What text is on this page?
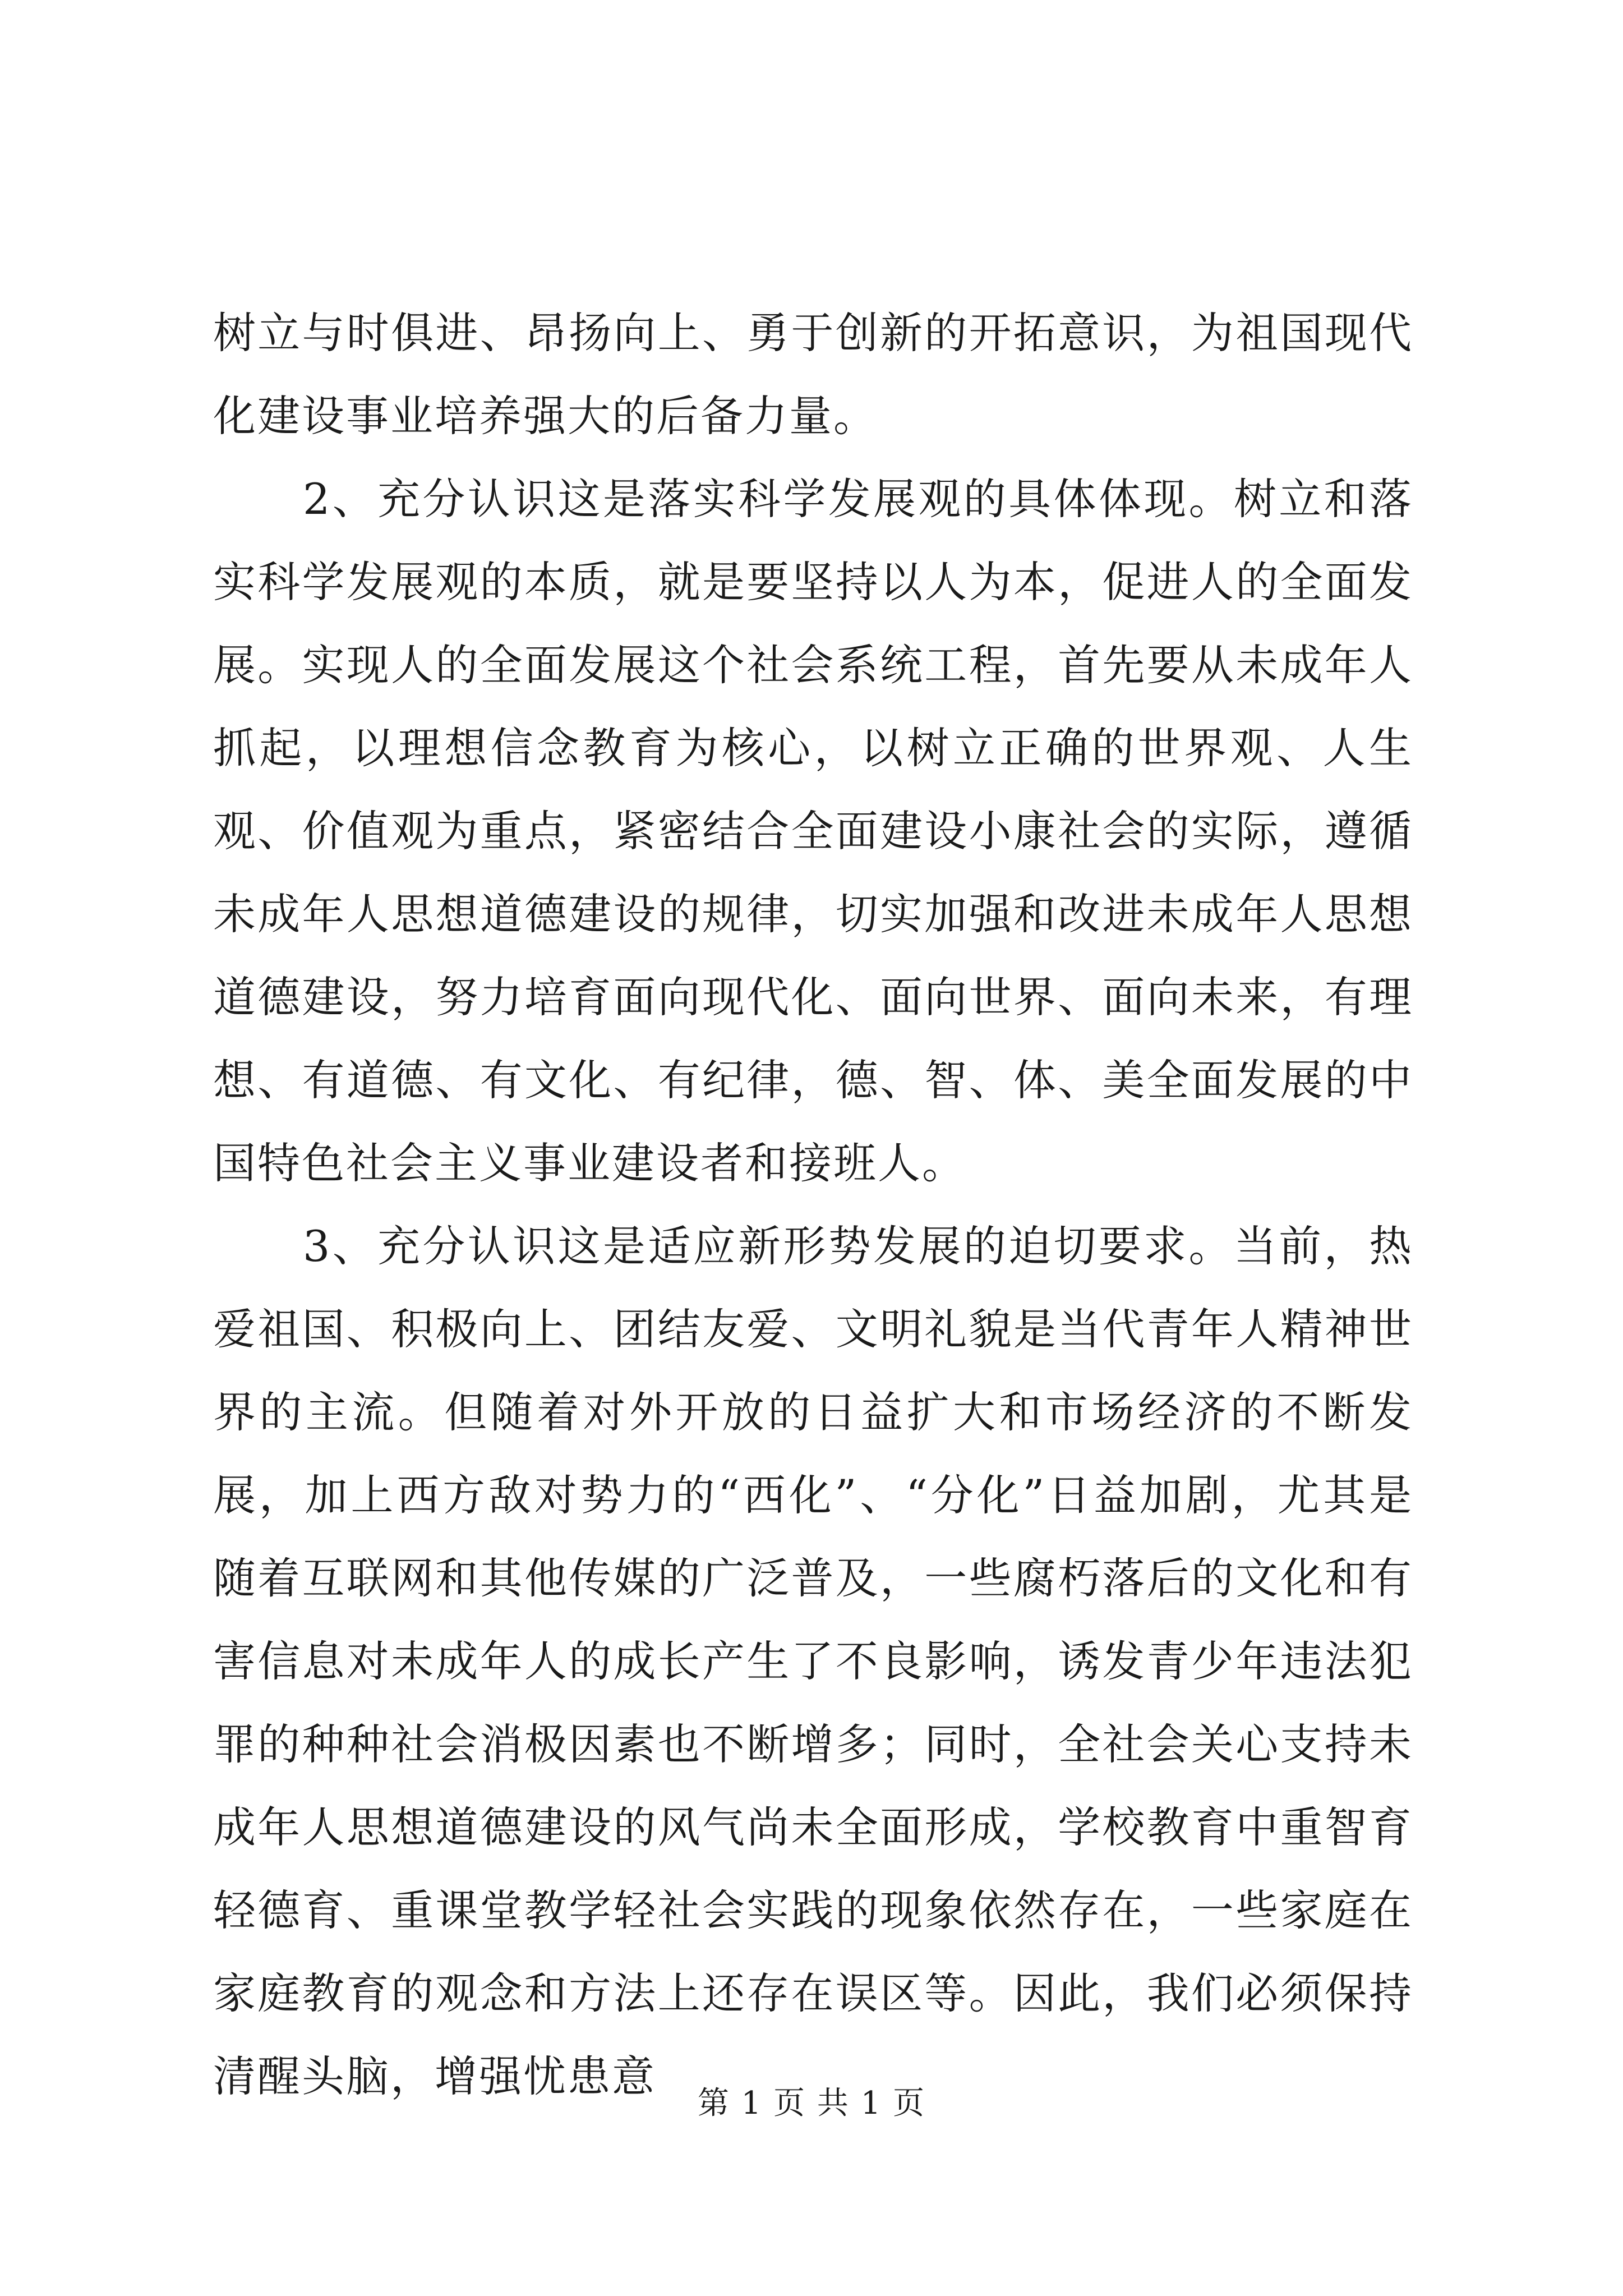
树立与时俱进、昂扬向上、勇于创新的开拓意识，为祖国现代化建设事业培养强大的后备力量。

2、充分认识这是落实科学发展观的具体体现。树立和落实科学发展观的本质，就是要坚持以人为本，促进人的全面发展。实现人的全面发展这个社会系统工程，首先要从未成年人抓起，以理想信念教育为核心，以树立正确的世界观、人生观、价值观为重点，紧密结合全面建设小康社会的实际，遵循未成年人思想道德建设的规律，切实加强和改进未成年人思想道德建设，努力培育面向现代化、面向世界、面向未来，有理想、有道德、有文化、有纪律，德、智、体、美全面发展的中国特色社会主义事业建设者和接班人。

3、充分认识这是适应新形势发展的迫切要求。当前，热爱祖国、积极向上、团结友爱、文明礼貌是当代青年人精神世界的主流。但随着对外开放的日益扩大和市场经济的不断发展，加上西方敌对势力的“西化”、“分化”日益加剧，尤其是随着互联网和其他传媒的广泛普及，一些腐朽落后的文化和有害信息对未成年人的成长产生了不良影响，诱发青少年违法犯罪的种种社会消极因素也不断增多；同时，全社会关心支持未成年人思想道德建设的风气尚未全面形成，学校教育中重智育轻德育、重课堂教学轻社会实践的现象依然存在，一些家庭在家庭教育的观念和方法上还存在误区等。因此，我们必须保持清醒头脑，增强忧患意

第 1 页 共 1 页
